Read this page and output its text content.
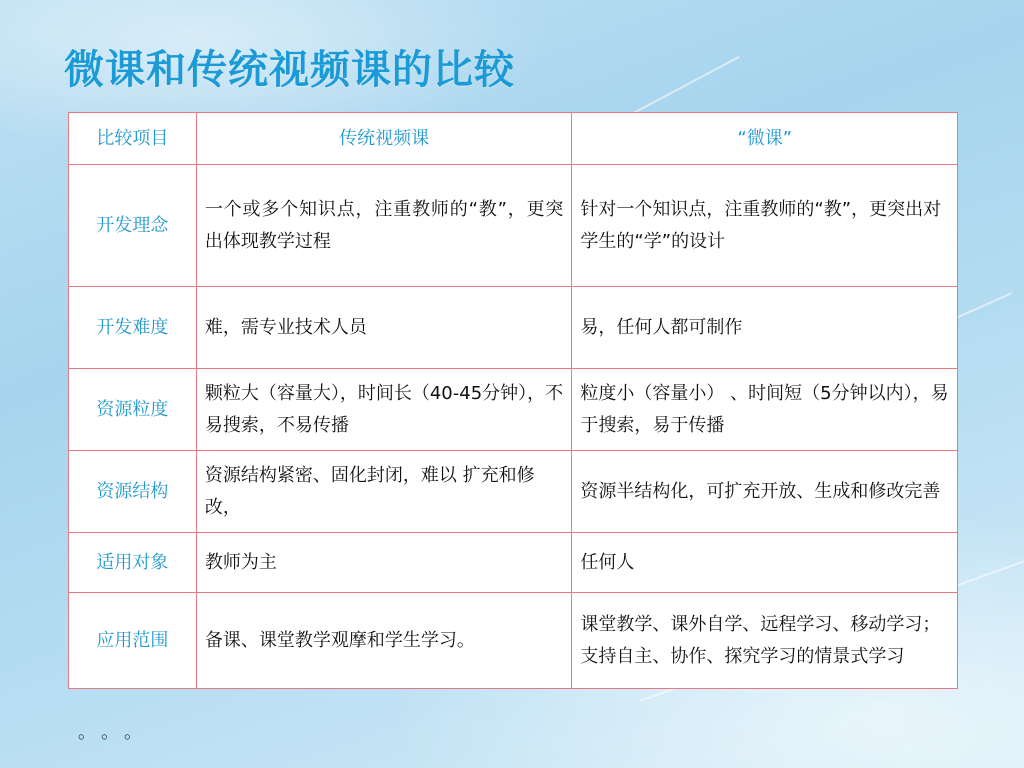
微课和传统视频课的比较
比较项目	传统视频课	“微课”
开发理念	一个或多个知识点，注重教师的“教”，更突出体现教学过程	针对一个知识点，注重教师的“教”，更突出对学生的“学”的设计
开发难度	难，需专业技术人员	易，任何人都可制作
资源粒度	颗粒大（容量大），时间长（40-45分钟），不易搜索，不易传播	粒度小（容量小） 、时间短（5分钟以内），易于搜索，易于传播
资源结构	资源结构紧密、固化封闭，难以 扩充和修改，	资源半结构化，可扩充开放、生成和修改完善
适用对象	教师为主	任何人
应用范围	备课、课堂教学观摩和学生学习。	课堂教学、课外自学、远程学习、移动学习；支持自主、协作、探究学习的情景式学习
。。。
